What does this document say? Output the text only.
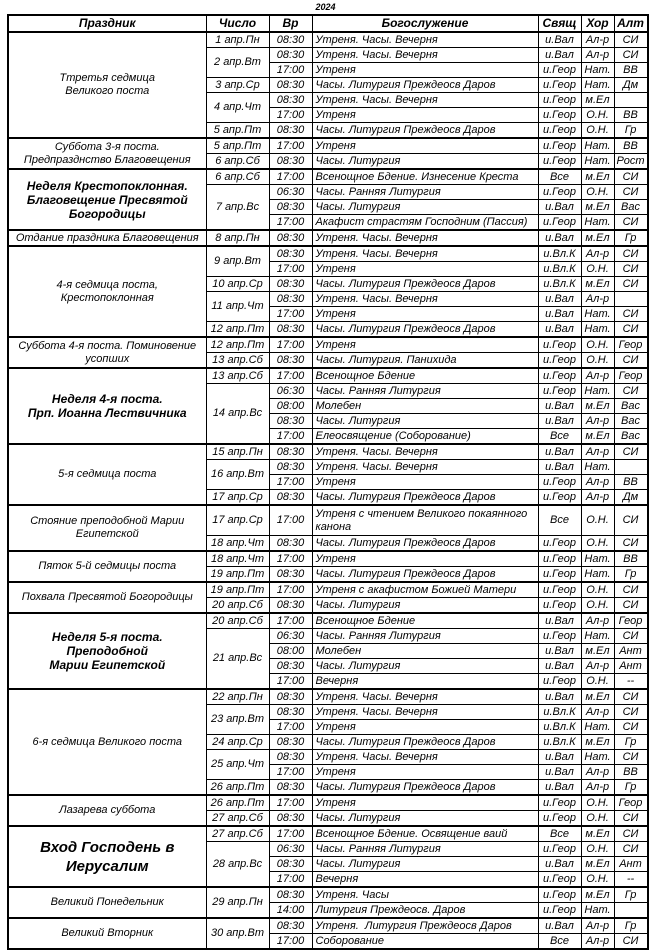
2024
Праздник	Число	Вр	Богослужение	Свящ	Хор	Алт
Ттретья седмица
Великого поста	1 апр.Пн	08:30	Утреня. Часы. Вечерня	и.Вал	Ал-р	СИ
	2 апр.Вт	08:30	Утреня. Часы. Вечерня	и.Вал	Ал-р	СИ
		17:00	Утреня	и.Геор	Нат.	ВВ
	3 апр.Ср	08:30	Часы. Литургия Преждеосв Даров	и.Геор	Нат.	Дм
	4 апр.Чт	08:30	Утреня. Часы. Вечерня	и.Геор	м.Ел	
		17:00	Утреня	и.Геор	О.Н.	ВВ
	5 апр.Пт	08:30	Часы. Литургия Преждеосв Даров	и.Геор	О.Н.	Гр
Суббота 3-я поста.
Предпразднство Благовещения	5 апр.Пт	17:00	Утреня	и.Геор	Нат.	ВВ
	6 апр.Сб	08:30	Часы. Литургия	и.Геор	Нат.	Рост
Неделя Крестопоклонная.
Благовещение Пресвятой
Богородицы	6 апр.Сб	17:00	Всенощное Бдение. Изнесение Креста	Все	м.Ел	СИ
	7 апр.Вс	06:30	Часы. Ранняя Литургия	и.Геор	О.Н.	СИ
		08:30	Часы. Литургия	и.Вал	м.Ел	Вас
		17:00	Акафист страстям Господним (Пассия)	и.Геор	Нат.	СИ
Отдание праздника Благовещения	8 апр.Пн	08:30	Утреня. Часы. Вечерня	и.Вал	м.Ел	Гр
4-я седмица поста,
Крестопоклонная	9 апр.Вт	08:30	Утреня. Часы. Вечерня	и.Вл.К	Ал-р	СИ
		17:00	Утреня	и.Вл.К	О.Н.	СИ
	10 апр.Ср	08:30	Часы. Литургия Преждеосв Даров	и.Вл.К	м.Ел	СИ
	11 апр.Чт	08:30	Утреня. Часы. Вечерня	и.Вал	Ал-р	
		17:00	Утреня	и.Вал	Нат.	СИ
	12 апр.Пт	08:30	Часы. Литургия Преждеосв Даров	и.Вал	Нат.	СИ
Суббота 4-я поста. Поминовение
усопших	12 апр.Пт	17:00	Утреня	и.Геор	О.Н.	Геор
	13 апр.Сб	08:30	Часы. Литургия. Панихида	и.Геор	О.Н.	СИ
Неделя 4-я поста.
Прп. Иоанна Лествичника	13 апр.Сб	17:00	Всенощное Бдение	и.Геор	Ал-р	Геор
	14 апр.Вс	06:30	Часы. Ранняя Литургия	и.Геор	Нат.	СИ
		08:00	Молебен	и.Вал	м.Ел	Вас
		08:30	Часы. Литургия	и.Вал	Ал-р	Вас
		17:00	Елеосвящение (Соборование)	Все	м.Ел	Вас
5-я седмица поста	15 апр.Пн	08:30	Утреня. Часы. Вечерня	и.Вал	Ал-р	СИ
	16 апр.Вт	08:30	Утреня. Часы. Вечерня	и.Вал	Нат.	
		17:00	Утреня	и.Геор	Ал-р	ВВ
	17 апр.Ср	08:30	Часы. Литургия Преждеосв Даров	и.Геор	Ал-р	Дм
Стояние преподобной Марии
Египетской	17 апр.Ср	17:00	Утреня с чтением Великого покаянного канона	Все	О.Н.	СИ
	18 апр.Чт	08:30	Часы. Литургия Преждеосв Даров	и.Геор	О.Н.	СИ
Пяток 5-й седмицы поста	18 апр.Чт	17:00	Утреня	и.Геор	Нат.	ВВ
	19 апр.Пт	08:30	Часы. Литургия Преждеосв Даров	и.Геор	Нат.	Гр
Похвала Пресвятой Богородицы	19 апр.Пт	17:00	Утреня с акафистом Божией Матери	и.Геор	О.Н.	СИ
	20 апр.Сб	08:30	Часы. Литургия	и.Геор	О.Н.	СИ
Неделя 5-я поста. Преподобной
Марии Египетской	20 апр.Сб	17:00	Всенощное Бдение	и.Вал	Ал-р	Геор
	21 апр.Вс	06:30	Часы. Ранняя Литургия	и.Геор	Нат.	СИ
		08:00	Молебен	и.Вал	м.Ел	Ант
		08:30	Часы. Литургия	и.Вал	Ал-р	Ант
		17:00	Вечерня	и.Геор	О.Н.	--
6-я седмица Великого поста	22 апр.Пн	08:30	Утреня. Часы. Вечерня	и.Вал	м.Ел	СИ
	23 апр.Вт	08:30	Утреня. Часы. Вечерня	и.Вл.К	Ал-р	СИ
		17:00	Утреня	и.Вл.К	Нат.	СИ
	24 апр.Ср	08:30	Часы. Литургия Преждеосв Даров	и.Вл.К	м.Ел	Гр
	25 апр.Чт	08:30	Утреня. Часы. Вечерня	и.Вал	Нат.	СИ
		17:00	Утреня	и.Вал	Ал-р	ВВ
	26 апр.Пт	08:30	Часы. Литургия Преждеосв Даров	и.Вал	Ал-р	Гр
Лазарева суббота	26 апр.Пт	17:00	Утреня	и.Геор	О.Н.	Геор
	27 апр.Сб	08:30	Часы. Литургия	и.Геор	О.Н.	СИ
Вход Господень в
Иерусалим	27 апр.Сб	17:00	Всенощное Бдение. Освящение ваий	Все	м.Ел	СИ
	28 апр.Вс	06:30	Часы. Ранняя Литургия	и.Геор	О.Н.	СИ
		08:30	Часы. Литургия	и.Вал	м.Ел	Ант
		17:00	Вечерня	и.Геор	О.Н.	--
Великий Понедельник	29 апр.Пн	08:30	Утреня. Часы	и.Геор	м.Ел	Гр
		14:00	Литургия Преждеосв. Даров	и.Геор	Нат.	
Великий Вторник	30 апр.Вт	08:30	Утреня.  Литургия Преждеосв Даров	и.Вал	Ал-р	Гр
		17:00	Соборование	Все	Ал-р	СИ
